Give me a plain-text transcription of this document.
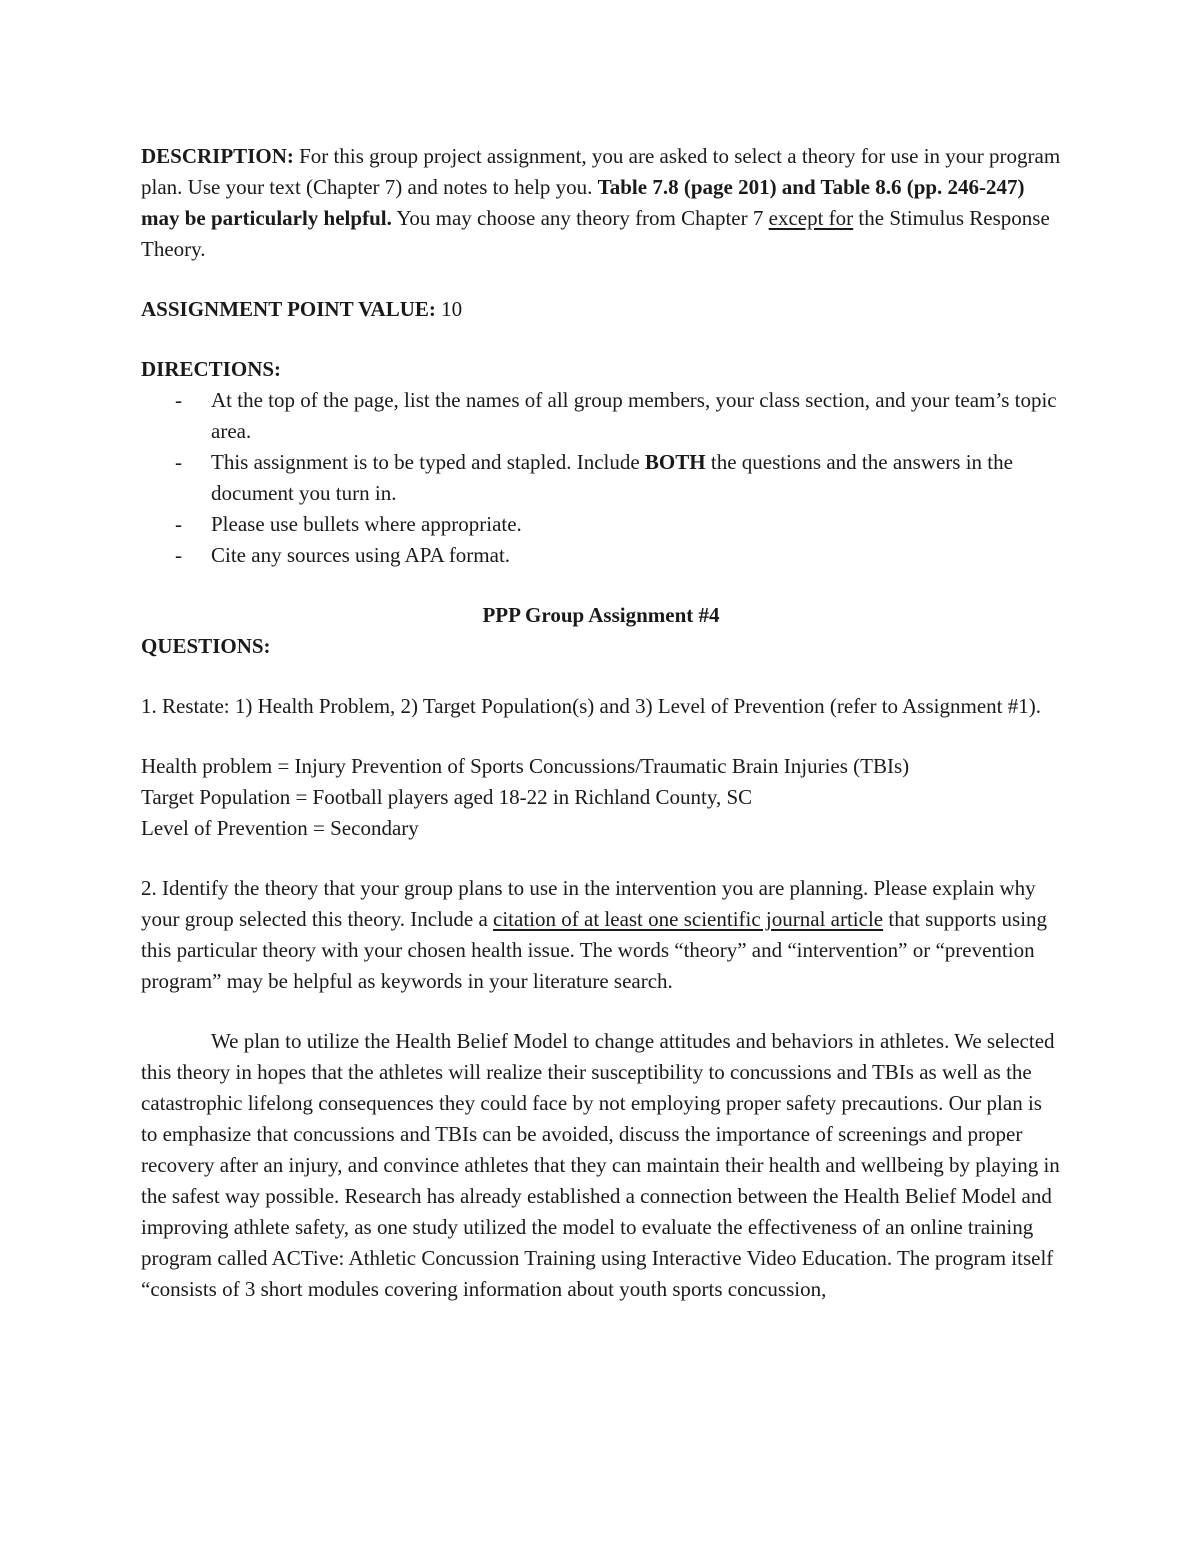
DESCRIPTION: For this group project assignment, you are asked to select a theory for use in your program plan. Use your text (Chapter 7) and notes to help you. Table 7.8 (page 201) and Table 8.6 (pp. 246-247) may be particularly helpful. You may choose any theory from Chapter 7 except for the Stimulus Response Theory.

ASSIGNMENT POINT VALUE: 10

DIRECTIONS:

- At the top of the page, list the names of all group members, your class section, and your team’s topic area.
- This assignment is to be typed and stapled. Include BOTH the questions and the answers in the document you turn in.
- Please use bullets where appropriate.
- Cite any sources using APA format.

PPP Group Assignment #4

QUESTIONS:

1. Restate: 1) Health Problem, 2) Target Population(s) and 3) Level of Prevention (refer to Assignment #1).

Health problem = Injury Prevention of Sports Concussions/Traumatic Brain Injuries (TBIs)

Target Population = Football players aged 18-22 in Richland County, SC

Level of Prevention = Secondary

2. Identify the theory that your group plans to use in the intervention you are planning. Please explain why your group selected this theory. Include a citation of at least one scientific journal article that supports using this particular theory with your chosen health issue. The words “theory” and “intervention” or “prevention program” may be helpful as keywords in your literature search.

We plan to utilize the Health Belief Model to change attitudes and behaviors in athletes. We selected this theory in hopes that the athletes will realize their susceptibility to concussions and TBIs as well as the catastrophic lifelong consequences they could face by not employing proper safety precautions. Our plan is to emphasize that concussions and TBIs can be avoided, discuss the importance of screenings and proper recovery after an injury, and convince athletes that they can maintain their health and wellbeing by playing in the safest way possible. Research has already established a connection between the Health Belief Model and improving athlete safety, as one study utilized the model to evaluate the effectiveness of an online training program called ACTive: Athletic Concussion Training using Interactive Video Education. The program itself “consists of 3 short modules covering information about youth sports concussion,
